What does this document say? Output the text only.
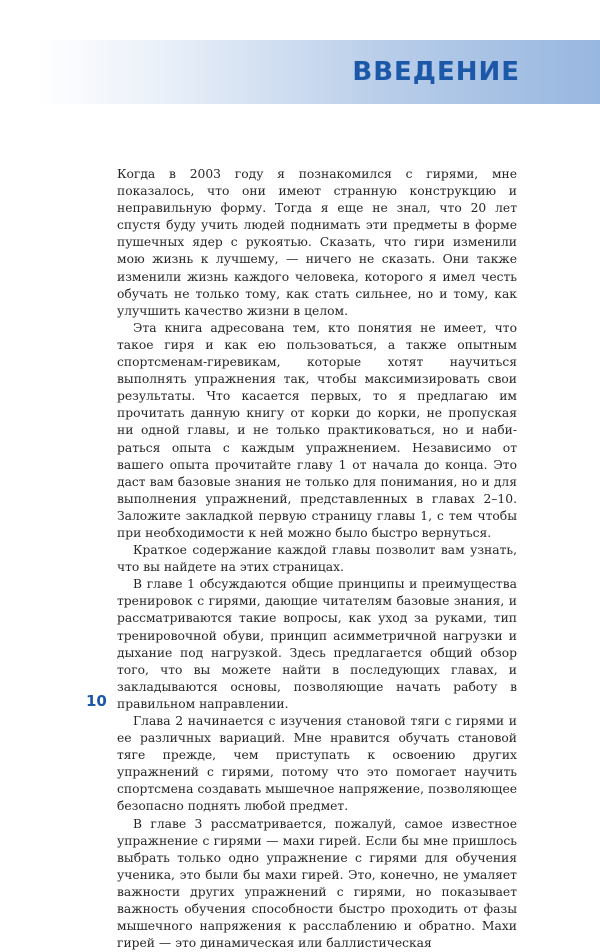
ВВЕДЕНИЕ

Когда в 2003 году я познакомился с гирями, мне показалось, что они имеют странную конструкцию и неправильную форму. Тогда я еще не знал, что 20 лет спустя буду учить людей поднимать эти предметы в форме пушечных ядер с рукоятью. Сказать, что гири изменили мою жизнь к лучшему, — ничего не сказать. Они также изменили жизнь каждого человека, которого я имел честь обучать не только тому, как стать сильнее, но и тому, как улучшить качество жизни в целом.

Эта книга адресована тем, кто понятия не имеет, что такое гиря и как ею пользоваться, а также опытным спортсменам-гиревикам, которые хотят научиться выполнять упражнения так, чтобы максимизировать свои результаты. Что касается первых, то я предлагаю им прочитать данную книгу от корки до корки, не пропуская ни одной главы, и не только практиковаться, но и набираться опыта с каждым упражнением. Независимо от вашего опыта прочитайте главу 1 от начала до конца. Это даст вам базовые знания не только для понимания, но и для выполнения упражнений, представленных в главах 2–10. Заложите закладкой первую страницу главы 1, с тем чтобы при необходимости к ней можно было быстро вернуться.

Краткое содержание каждой главы позволит вам узнать, что вы найдете на этих страницах.

В главе 1 обсуждаются общие принципы и преимущества тренировок с гирями, дающие читателям базовые знания, и рассматриваются такие вопросы, как уход за руками, тип тренировочной обуви, принцип асимметричной нагрузки и дыхание под нагрузкой. Здесь предлагается общий обзор того, что вы можете найти в последующих главах, и закладываются основы, позволяющие начать работу в правильном направлении.

Глава 2 начинается с изучения становой тяги с гирями и ее различных вариаций. Мне нравится обучать становой тяге прежде, чем приступать к освоению других упражнений с гирями, потому что это помогает научить спортсмена создавать мышечное напряжение, позволяющее безопасно поднять любой предмет.

В главе 3 рассматривается, пожалуй, самое известное упражнение с гирями — махи гирей. Если бы мне пришлось выбрать только одно упражнение с гирями для обучения ученика, это были бы махи гирей. Это, конечно, не умаляет важности других упражнений с гирями, но показывает важность обучения способности быстро проходить от фазы мышечного напряжения к расслаблению и обратно. Махи гирей — это динамическая или баллистическая

10
